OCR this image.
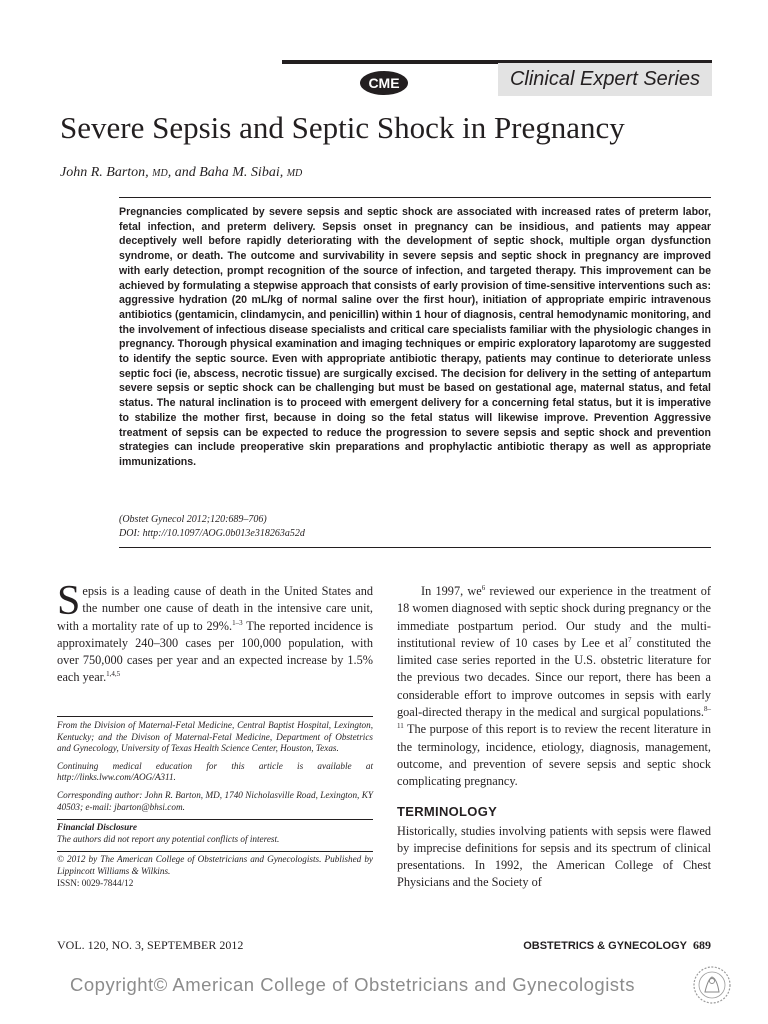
Clinical Expert Series
CME
Severe Sepsis and Septic Shock in Pregnancy
John R. Barton, MD, and Baha M. Sibai, MD
Pregnancies complicated by severe sepsis and septic shock are associated with increased rates of preterm labor, fetal infection, and preterm delivery. Sepsis onset in pregnancy can be insidious, and patients may appear deceptively well before rapidly deteriorating with the development of septic shock, multiple organ dysfunction syndrome, or death. The outcome and survivability in severe sepsis and septic shock in pregnancy are improved with early detection, prompt recognition of the source of infection, and targeted therapy. This improvement can be achieved by formulating a stepwise approach that consists of early provision of time-sensitive interventions such as: aggressive hydration (20 mL/kg of normal saline over the first hour), initiation of appropriate empiric intravenous antibiotics (gentamicin, clindamycin, and penicillin) within 1 hour of diagnosis, central hemodynamic monitoring, and the involvement of infectious disease specialists and critical care specialists familiar with the physiologic changes in pregnancy. Thorough physical examination and imaging techniques or empiric exploratory laparotomy are suggested to identify the septic source. Even with appropriate antibiotic therapy, patients may continue to deteriorate unless septic foci (ie, abscess, necrotic tissue) are surgically excised. The decision for delivery in the setting of antepartum severe sepsis or septic shock can be challenging but must be based on gestational age, maternal status, and fetal status. The natural inclination is to proceed with emergent delivery for a concerning fetal status, but it is imperative to stabilize the mother first, because in doing so the fetal status will likewise improve. Prevention Aggressive treatment of sepsis can be expected to reduce the progression to severe sepsis and septic shock and prevention strategies can include preoperative skin preparations and prophylactic antibiotic therapy as well as appropriate immunizations.
(Obstet Gynecol 2012;120:689–706)
DOI: http://10.1097/AOG.0b013e318263a52d

Sepsis is a leading cause of death in the United States and the number one cause of death in the intensive care unit, with a mortality rate of up to 29%.$^{1-3}$ The reported incidence is approximately 240–300 cases per 100,000 population, with over 750,000 cases per year and an expected increase by 1.5% each year.$^{1,4,5}$

From the Division of Maternal-Fetal Medicine, Central Baptist Hospital, Lexington, Kentucky; and the Divison of Maternal-Fetal Medicine, Department of Obstetrics and Gynecology, University of Texas Health Science Center, Houston, Texas.

Continuing medical education for this article is available at http://links.lww.com/AOG/A311.

Corresponding author: John R. Barton, MD, 1740 Nicholasville Road, Lexington, KY 40503; e-mail: jbarton@bhsi.com.

Financial Disclosure

The authors did not report any potential conflicts of interest.

© 2012 by The American College of Obstetricians and Gynecologists. Published by Lippincott Williams & Wilkins.

ISSN: 0029-7844/12

In 1997, $we^6$ reviewed our experience in the treatment of 18 women diagnosed with septic shock during pregnancy or the immediate postpartum period. Our study and the multi-institutional review of 10 cases by Lee et $al^7$ constituted the limited case series reported in the U.S. obstetric literature for the previous two decades. Since our report, there has been a considerable effort to improve outcomes in sepsis with early goal-directed therapy in the medical and surgical populations.$^{8-11}$ The purpose of this report is to review the recent literature in the terminology, incidence, etiology, diagnosis, management, outcome, and prevention of severe sepsis and septic shock complicating pregnancy.

TERMINOLOGY

Historically, studies involving patients with sepsis were flawed by imprecise definitions for sepsis and its spectrum of clinical presentations. In 1992, the American College of Chest Physicians and the Society of

VOL. 120, NO. 3, SEPTEMBER 2012	OBSTETRICS & GYNECOLOGY 689
Copyright© American College of Obstetricians and Gynecologists
